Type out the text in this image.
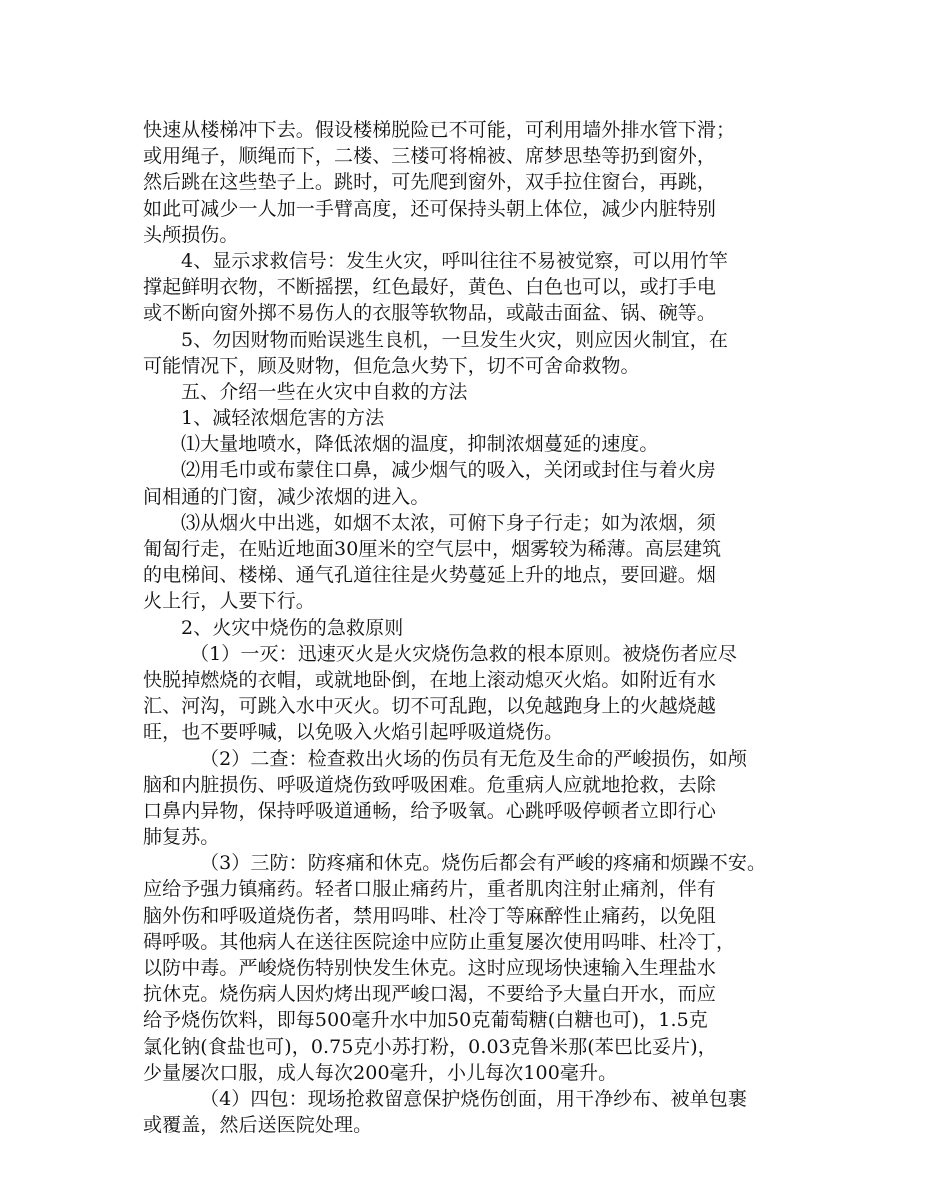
快速从楼梯冲下去。假设楼梯脱险已不可能，可利用墙外排水管下滑；
或用绳子，顺绳而下，二楼、三楼可将棉被、席梦思垫等扔到窗外，
然后跳在这些垫子上。跳时，可先爬到窗外，双手拉住窗台，再跳，
如此可减少一人加一手臂高度，还可保持头朝上体位，减少内脏特别
头颅损伤。
4、显示求救信号：发生火灾，呼叫往往不易被觉察，可以用竹竿
撑起鲜明衣物，不断摇摆，红色最好，黄色、白色也可以，或打手电
或不断向窗外掷不易伤人的衣服等软物品，或敲击面盆、锅、碗等。
5、勿因财物而贻误逃生良机，一旦发生火灾，则应因火制宜，在
可能情况下，顾及财物，但危急火势下，切不可舍命救物。
五、介绍一些在火灾中自救的方法
1、减轻浓烟危害的方法
⑴大量地喷水，降低浓烟的温度，抑制浓烟蔓延的速度。
⑵用毛巾或布蒙住口鼻，减少烟气的吸入，关闭或封住与着火房
间相通的门窗，减少浓烟的进入。
⑶从烟火中出逃，如烟不太浓，可俯下身子行走；如为浓烟，须
匍匐行走，在贴近地面30厘米的空气层中，烟雾较为稀薄。高层建筑
的电梯间、楼梯、通气孔道往往是火势蔓延上升的地点，要回避。烟
火上行，人要下行。
2、火灾中烧伤的急救原则
（1）一灭：迅速灭火是火灾烧伤急救的根本原则。被烧伤者应尽
快脱掉燃烧的衣帽，或就地卧倒，在地上滚动熄灭火焰。如附近有水
汇、河沟，可跳入水中灭火。切不可乱跑，以免越跑身上的火越烧越
旺，也不要呼喊，以免吸入火焰引起呼吸道烧伤。
（2）二查：检查救出火场的伤员有无危及生命的严峻损伤，如颅
脑和内脏损伤、呼吸道烧伤致呼吸困难。危重病人应就地抢救，去除
口鼻内异物，保持呼吸道通畅，给予吸氧。心跳呼吸停顿者立即行心
肺复苏。
（3）三防：防疼痛和休克。烧伤后都会有严峻的疼痛和烦躁不安。
应给予强力镇痛药。轻者口服止痛药片，重者肌肉注射止痛剂，伴有
脑外伤和呼吸道烧伤者，禁用吗啡、杜冷丁等麻醉性止痛药，以免阻
碍呼吸。其他病人在送往医院途中应防止重复屡次使用吗啡、杜冷丁，
以防中毒。严峻烧伤特别快发生休克。这时应现场快速输入生理盐水
抗休克。烧伤病人因灼烤出现严峻口渴，不要给予大量白开水，而应
给予烧伤饮料，即每500毫升水中加50克葡萄糖(白糖也可)，1.5克
氯化钠(食盐也可)，0.75克小苏打粉，0.03克鲁米那(苯巴比妥片)，
少量屡次口服，成人每次200毫升，小儿每次100毫升。
（4）四包：现场抢救留意保护烧伤创面，用干净纱布、被单包裹
或覆盖，然后送医院处理。
